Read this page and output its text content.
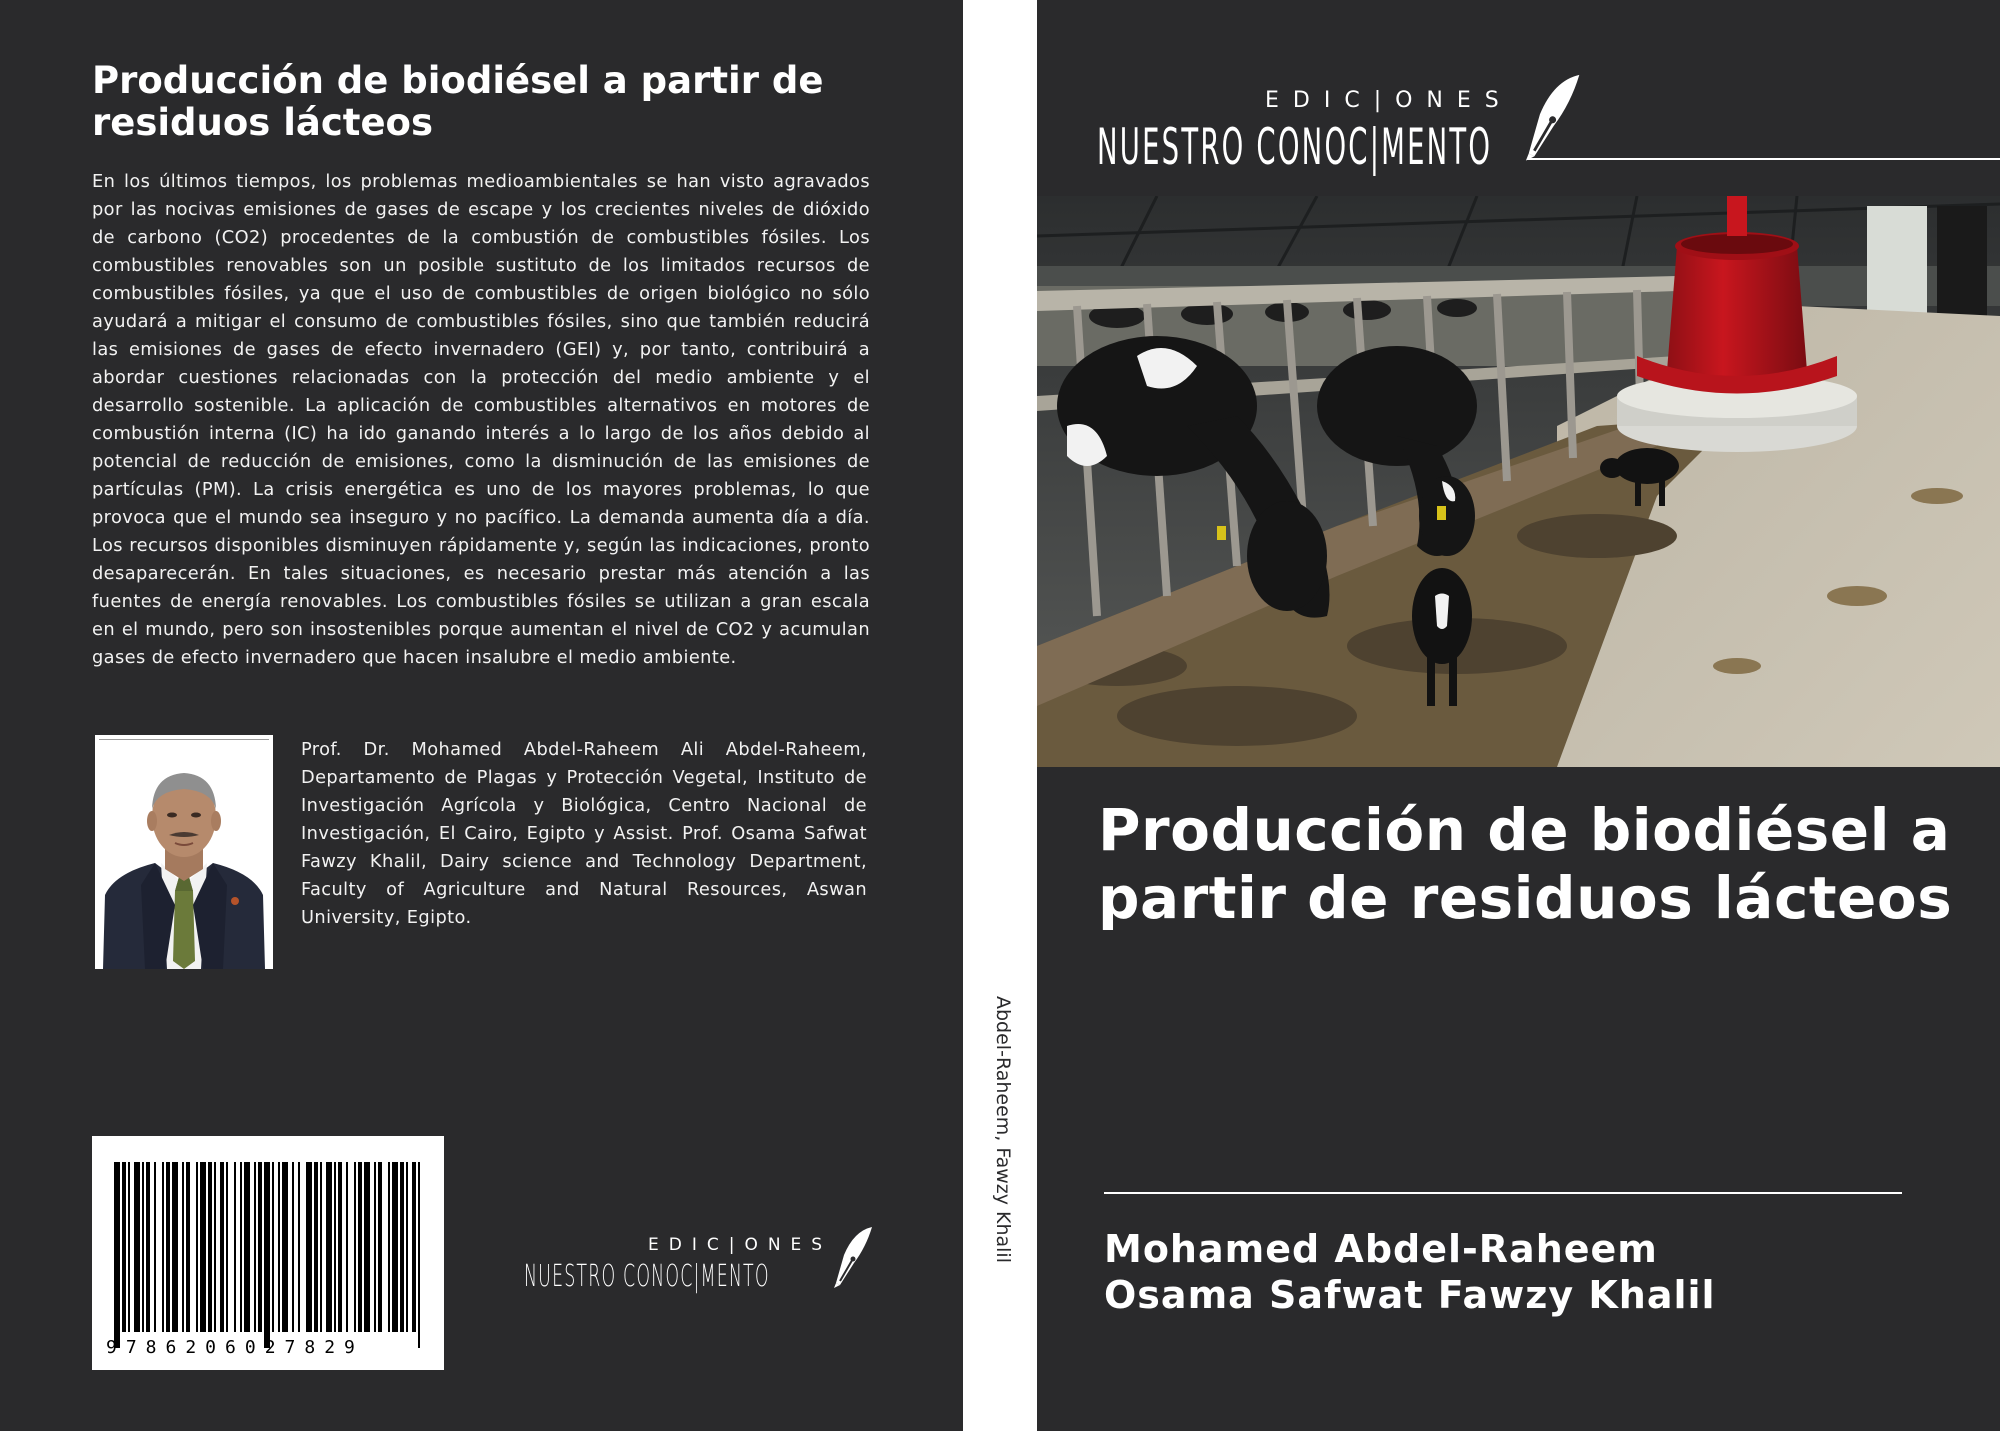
Producción de biodiésel a partir de residuos lácteos

En los últimos tiempos, los problemas medioambientales se han visto agravados por las nocivas emisiones de gases de escape y los crecientes niveles de dióxido de carbono (CO2) procedentes de la combustión de combustibles fósiles. Los combustibles renovables son un posible sustituto de los limitados recursos de combustibles fósiles, ya que el uso de combustibles de origen biológico no sólo ayudará a mitigar el consumo de combustibles fósiles, sino que también reducirá las emisiones de gases de efecto invernadero (GEI) y, por tanto, contribuirá a abordar cuestiones relacionadas con la protección del medio ambiente y el desarrollo sostenible. La aplicación de combustibles alternativos en motores de combustión interna (IC) ha ido ganando interés a lo largo de los años debido al potencial de reducción de emisiones, como la disminución de las emisiones de partículas (PM). La crisis energética es uno de los mayores problemas, lo que provoca que el mundo sea inseguro y no pacífico. La demanda aumenta día a día. Los recursos disponibles disminuyen rápidamente y, según las indicaciones, pronto desaparecerán. En tales situaciones, es necesario prestar más atención a las fuentes de energía renovables. Los combustibles fósiles se utilizan a gran escala en el mundo, pero son insostenibles porque aumentan el nivel de CO2 y acumulan gases de efecto invernadero que hacen insalubre el medio ambiente.

Prof. Dr. Mohamed Abdel-Raheem Ali Abdel-Raheem, Departamento de Plagas y Protección Vegetal, Instituto de Investigación Agrícola y Biológica, Centro Nacional de Investigación, El Cairo, Egipto y Assist. Prof. Osama Safwat Fawzy Khalil, Dairy science and Technology Department, Faculty of Agriculture and Natural Resources, Aswan University, Egipto.

9786206027829
EDIC|ONES
NUESTRO CONOC|MENTO
Abdel-Raheem, Fawzy Khalil
EDIC|ONES
NUESTRO CONOC|MENTO
Producción de biodiésel a partir de residuos lácteos

Mohamed Abdel-Raheem

Osama Safwat Fawzy Khalil
